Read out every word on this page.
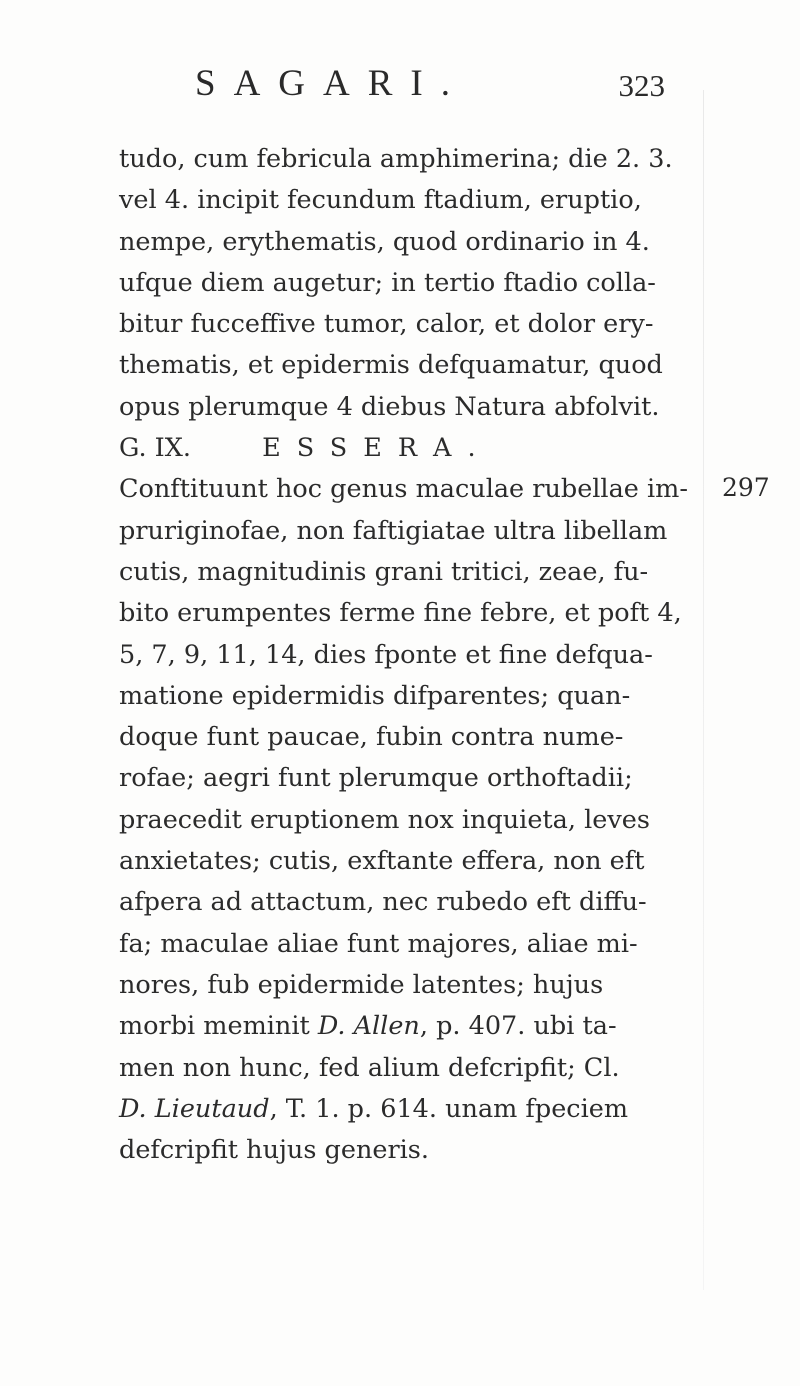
SAGARI.	323
297
tudo, cum febricula amphimerina; die 2. 3.
vel 4. incipit fecundum ftadium, eruptio,
nempe, erythematis, quod ordinario in 4.
ufque diem augetur; in tertio ftadio colla-
bitur fucceffive tumor, calor, et dolor ery-
thematis, et epidermis defquamatur, quod
opus plerumque 4 diebus Natura abfolvit.
G. IX.	ESSERA.
Conftituunt hoc genus maculae rubellae im-
pruriginofae, non faftigiatae ultra libellam
cutis, magnitudinis grani tritici, zeae, fu-
bito erumpentes ferme fine febre, et poft 4,
5, 7, 9, 11, 14, dies fponte et fine defqua-
matione epidermidis difparentes; quan-
doque funt paucae, fubin contra nume-
rofae; aegri funt plerumque orthoftadii;
praecedit eruptionem nox inquieta, leves
anxietates; cutis, exftante effera, non eft
afpera ad attactum, nec rubedo eft diffu-
fa; maculae aliae funt majores, aliae mi-
nores, fub epidermide latentes; hujus
morbi meminit D. Allen, p. 407. ubi ta-
men non hunc, fed alium defcripfit; Cl.
D. Lieutaud, T. 1. p. 614. unam fpeciem
defcripfit hujus generis.
